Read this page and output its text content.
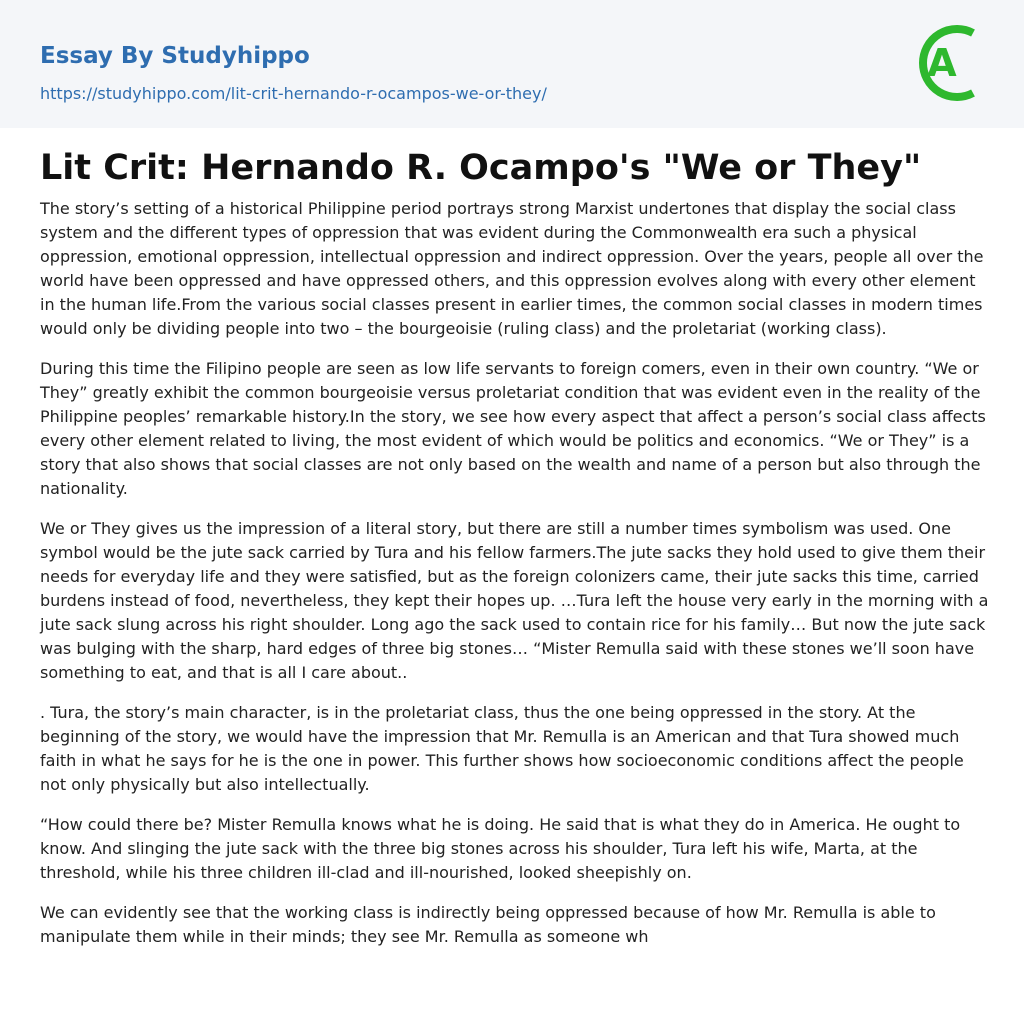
Essay By Studyhippo
https://studyhippo.com/lit-crit-hernando-r-ocampos-we-or-they/
A
Lit Crit: Hernando R. Ocampo's "We or They"

The story’s setting of a historical Philippine period portrays strong Marxist undertones that display the social class system and the different types of oppression that was evident during the Commonwealth era such a physical oppression, emotional oppression, intellectual oppression and indirect oppression. Over the years, people all over the world have been oppressed and have oppressed others, and this oppression evolves along with every other element in the human life.From the various social classes present in earlier times, the common social classes in modern times would only be dividing people into two – the bourgeoisie (ruling class) and the proletariat (working class).

During this time the Filipino people are seen as low life servants to foreign comers, even in their own country. “We or They” greatly exhibit the common bourgeoisie versus proletariat condition that was evident even in the reality of the Philippine peoples’ remarkable history.In the story, we see how every aspect that affect a person’s social class affects every other element related to living, the most evident of which would be politics and economics. “We or They” is a story that also shows that social classes are not only based on the wealth and name of a person but also through the nationality.

We or They gives us the impression of a literal story, but there are still a number times symbolism was used. One symbol would be the jute sack carried by Tura and his fellow farmers.The jute sacks they hold used to give them their needs for everyday life and they were satisfied, but as the foreign colonizers came, their jute sacks this time, carried burdens instead of food, nevertheless, they kept their hopes up. …Tura left the house very early in the morning with a jute sack slung across his right shoulder. Long ago the sack used to contain rice for his family… But now the jute sack was bulging with the sharp, hard edges of three big stones… “Mister Remulla said with these stones we’ll soon have something to eat, and that is all I care about..

. Tura, the story’s main character, is in the proletariat class, thus the one being oppressed in the story. At the beginning of the story, we would have the impression that Mr. Remulla is an American and that Tura showed much faith in what he says for he is the one in power. This further shows how socioeconomic conditions affect the people not only physically but also intellectually.

“How could there be? Mister Remulla knows what he is doing. He said that is what they do in America. He ought to know. And slinging the jute sack with the three big stones across his shoulder, Tura left his wife, Marta, at the threshold, while his three children ill-clad and ill-nourished, looked sheepishly on.

We can evidently see that the working class is indirectly being oppressed because of how Mr. Remulla is able to manipulate them while in their minds; they see Mr. Remulla as someone wh
